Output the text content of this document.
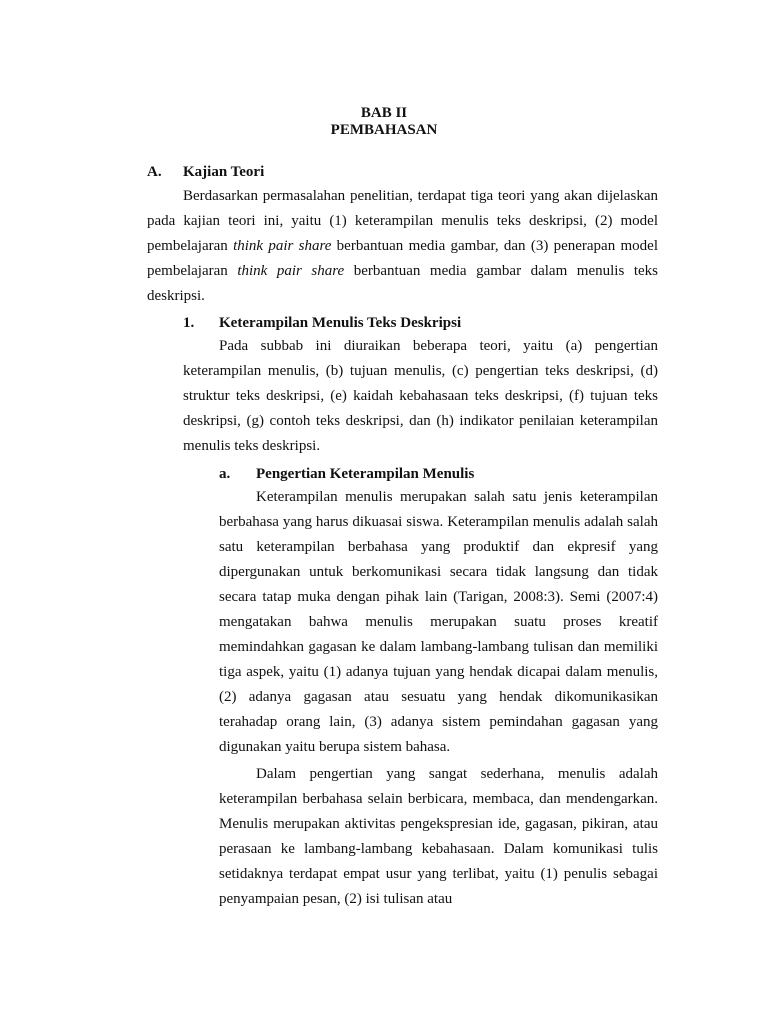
BAB II
PEMBAHASAN
A. Kajian Teori

Berdasarkan permasalahan penelitian, terdapat tiga teori yang akan dijelaskan pada kajian teori ini, yaitu (1) keterampilan menulis teks deskripsi, (2) model pembelajaran think pair share berbantuan media gambar, dan (3) penerapan model pembelajaran think pair share berbantuan media gambar dalam menulis teks deskripsi.

1. Keterampilan Menulis Teks Deskripsi

Pada subbab ini diuraikan beberapa teori, yaitu (a) pengertian keterampilan menulis, (b) tujuan menulis, (c) pengertian teks deskripsi, (d) struktur teks deskripsi, (e) kaidah kebahasaan teks deskripsi, (f) tujuan teks deskripsi, (g) contoh teks deskripsi, dan (h) indikator penilaian keterampilan menulis teks deskripsi.

a. Pengertian Keterampilan Menulis

Keterampilan menulis merupakan salah satu jenis keterampilan berbahasa yang harus dikuasai siswa. Keterampilan menulis adalah salah satu keterampilan berbahasa yang produktif dan ekpresif yang dipergunakan untuk berkomunikasi secara tidak langsung dan tidak secara tatap muka dengan pihak lain (Tarigan, 2008:3). Semi (2007:4) mengatakan bahwa menulis merupakan suatu proses kreatif memindahkan gagasan ke dalam lambang-lambang tulisan dan memiliki tiga aspek, yaitu (1) adanya tujuan yang hendak dicapai dalam menulis, (2) adanya gagasan atau sesuatu yang hendak dikomunikasikan terahadap orang lain, (3) adanya sistem pemindahan gagasan yang digunakan yaitu berupa sistem bahasa.

Dalam pengertian yang sangat sederhana, menulis adalah keterampilan berbahasa selain berbicara, membaca, dan mendengarkan. Menulis merupakan aktivitas pengekspresian ide, gagasan, pikiran, atau perasaan ke lambang-lambang kebahasaan. Dalam komunikasi tulis setidaknya terdapat empat usur yang terlibat, yaitu (1) penulis sebagai penyampaian pesan, (2) isi tulisan atau
